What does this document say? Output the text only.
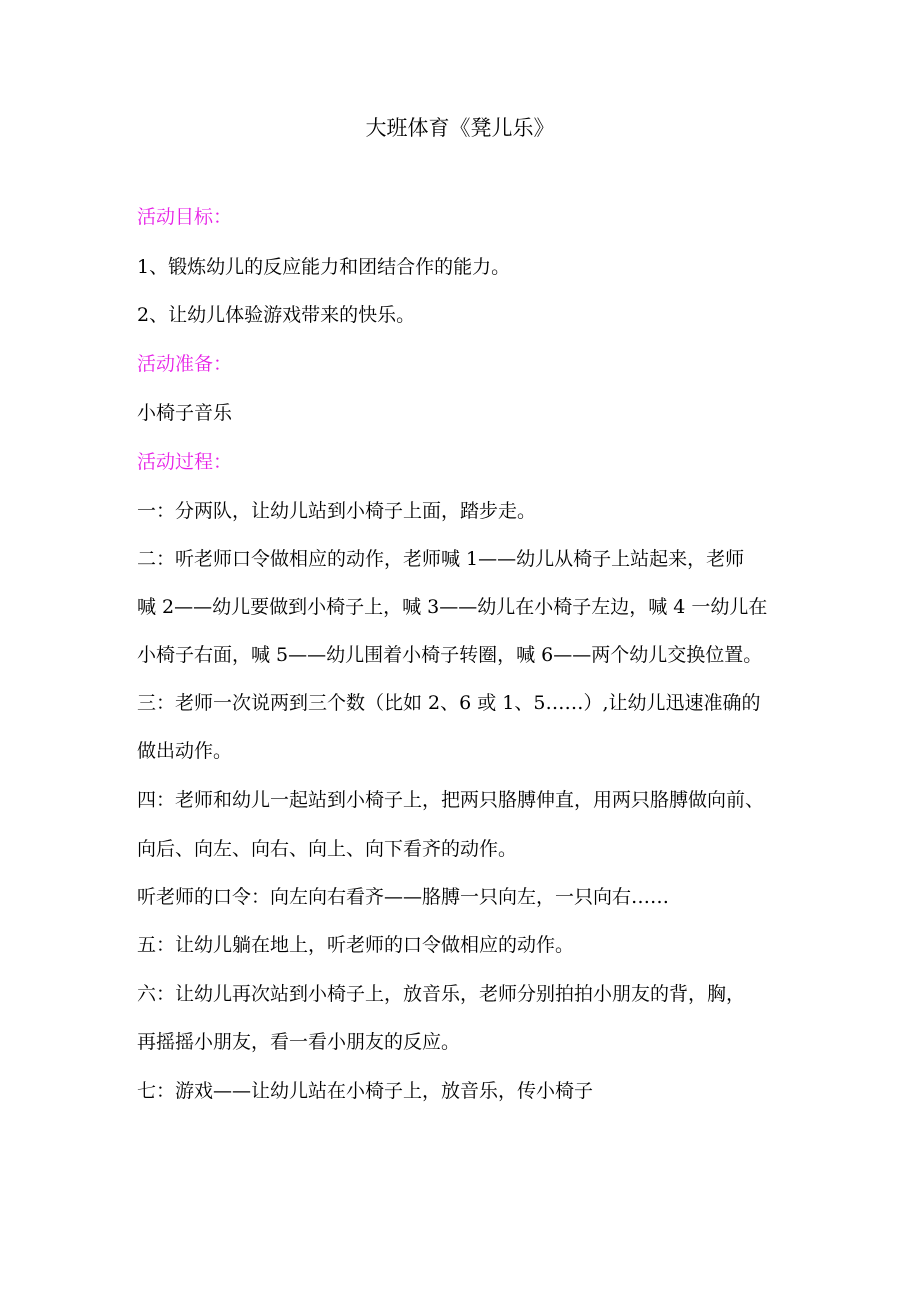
大班体育《凳儿乐》
活动目标：
1、锻炼幼儿的反应能力和团结合作的能力。
2、让幼儿体验游戏带来的快乐。
活动准备：
小椅子音乐
活动过程：
一：分两队，让幼儿站到小椅子上面，踏步走。
二：听老师口令做相应的动作，老师喊 1——幼儿从椅子上站起来，老师
喊 2——幼儿要做到小椅子上，喊 3——幼儿在小椅子左边，喊 4 一幼儿在
小椅子右面，喊 5——幼儿围着小椅子转圈，喊 6——两个幼儿交换位置。
三：老师一次说两到三个数（比如 2、6 或 1、5……）,让幼儿迅速准确的
做出动作。
四：老师和幼儿一起站到小椅子上，把两只胳膊伸直，用两只胳膊做向前、
向后、向左、向右、向上、向下看齐的动作。
听老师的口令：向左向右看齐——胳膊一只向左，一只向右……
五：让幼儿躺在地上，听老师的口令做相应的动作。
六：让幼儿再次站到小椅子上，放音乐，老师分别拍拍小朋友的背，胸，
再摇摇小朋友，看一看小朋友的反应。
七：游戏——让幼儿站在小椅子上，放音乐，传小椅子
